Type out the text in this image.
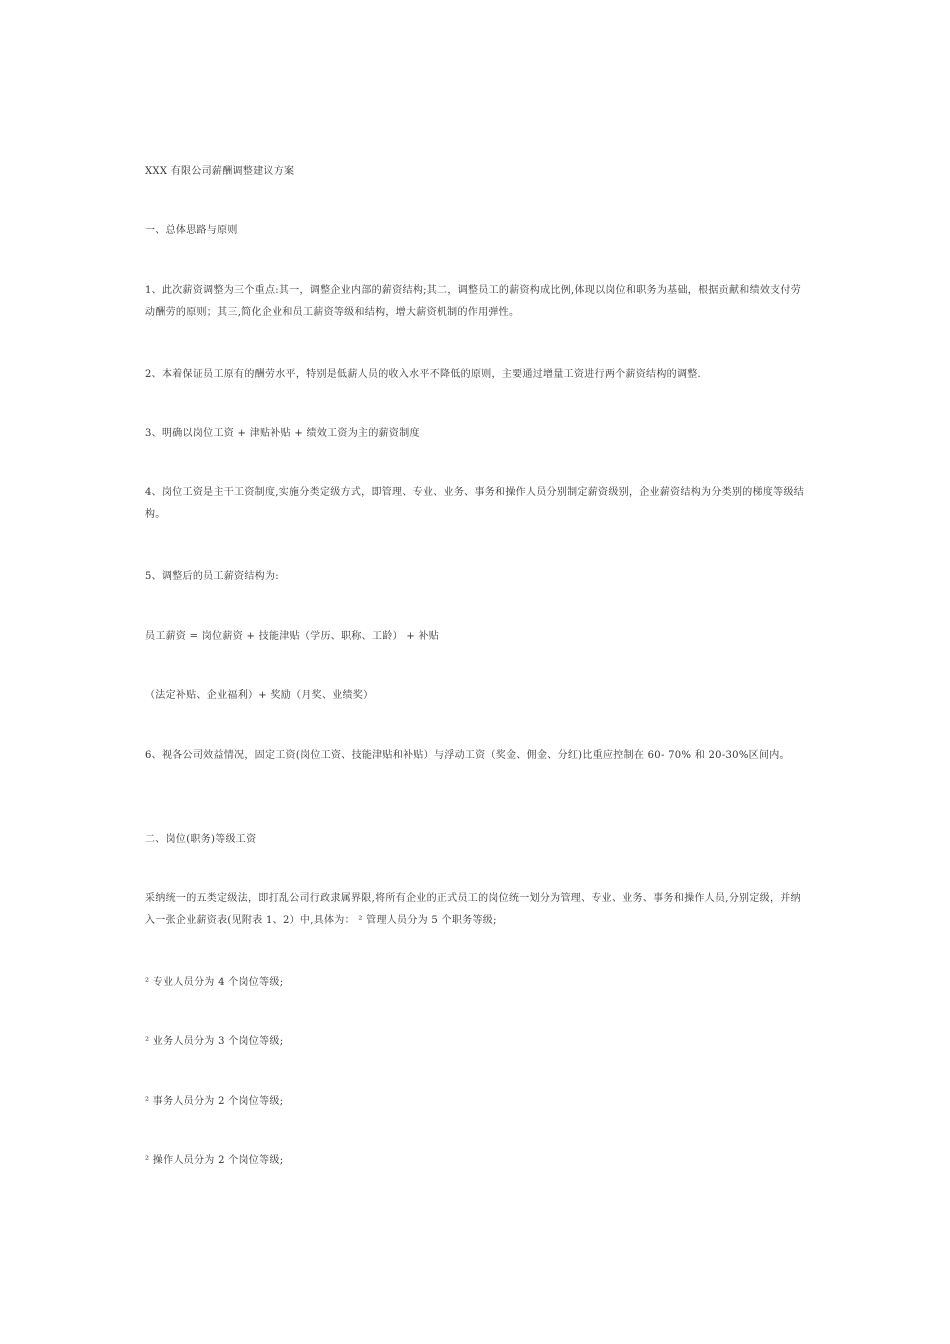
XXX 有限公司薪酬调整建议方案
一、总体思路与原则
1、此次薪资调整为三个重点:其一，调整企业内部的薪资结构;其二，调整员工的薪资构成比例,体现以岗位和职务为基础，根据贡献和绩效支付劳动酬劳的原则；其三,简化企业和员工薪资等级和结构，增大薪资机制的作用弹性。
2、本着保证员工原有的酬劳水平，特别是低薪人员的收入水平不降低的原则，主要通过增量工资进行两个薪资结构的调整.
3、明确以岗位工资 + 津贴补贴 + 绩效工资为主的薪资制度
4、岗位工资是主干工资制度,实施分类定级方式，即管理、专业、业务、事务和操作人员分别制定薪资级别，企业薪资结构为分类别的梯度等级结构。
5、调整后的员工薪资结构为:
员工薪资 = 岗位薪资 + 技能津贴（学历、职称、工龄） + 补贴
（法定补贴、企业福利）+ 奖励（月奖、业绩奖）
6、视各公司效益情况，固定工资(岗位工资、技能津贴和补贴）与浮动工资（奖金、佣金、分红)比重应控制在 60- 70% 和 20-30%区间内。
二、岗位(职务)等级工资
采纳统一的五类定级法，即打乱公司行政隶属界限,将所有企业的正式员工的岗位统一划分为管理、专业、业务、事务和操作人员,分别定级，并纳入一张企业薪资表(见附表 1、2）中,具体为： ² 管理人员分为 5 个职务等级;
² 专业人员分为 4 个岗位等级;
² 业务人员分为 3 个岗位等级;
² 事务人员分为 2 个岗位等级;
² 操作人员分为 2 个岗位等级;
